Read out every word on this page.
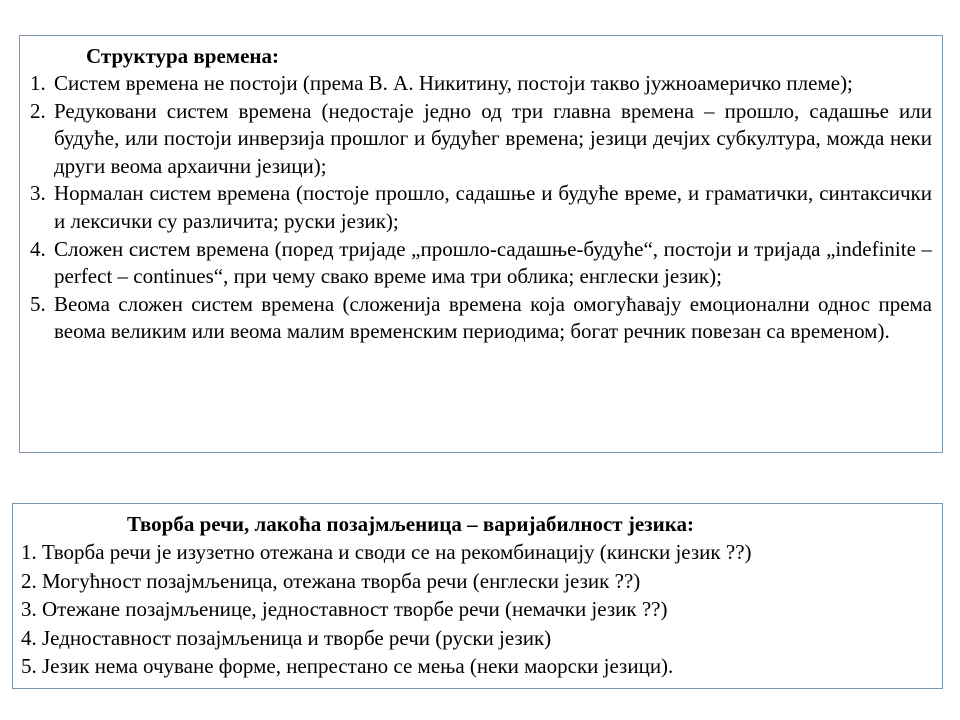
Структура времена:
1. Систем времена не постоји (према В. А. Никитину, постоји такво јужноамеричко племе);
2. Редуковани систем времена (недостаје једно од три главна времена – прошло, садашње или будуће, или постоји инверзија прошлог и будућег времена; језици дечјих субкултура, можда неки други веома архаични језици);
3. Нормалан систем времена (постоје прошло, садашње и будуће време, и граматички, синтаксички и лексички су различита; руски језик);
4. Сложен систем времена (поред тријаде „прошло-садашње-будуће“, постоји и тријада „indefinite – perfect – continues“, при чему свако време има три облика; енглески језик);
5. Веома сложен систем времена (сложенија времена која омогућавају емоционални однос према веома великим или веома малим временским периодима; богат речник повезан са временом).
Творба речи, лакоћа позајмљеница – варијабилност језика:
1. Творба речи је изузетно отежана и своди се на рекомбинацију (кински језик ??)
2. Могућност позајмљеница, отежана творба речи (енглески језик ??)
3. Отежане позајмљенице, једноставност творбе речи (немачки језик ??)
4. Једноставност позајмљеница и творбе речи (руски језик)
5. Језик нема очуване форме, непрестано се мења (неки маорски језици).
